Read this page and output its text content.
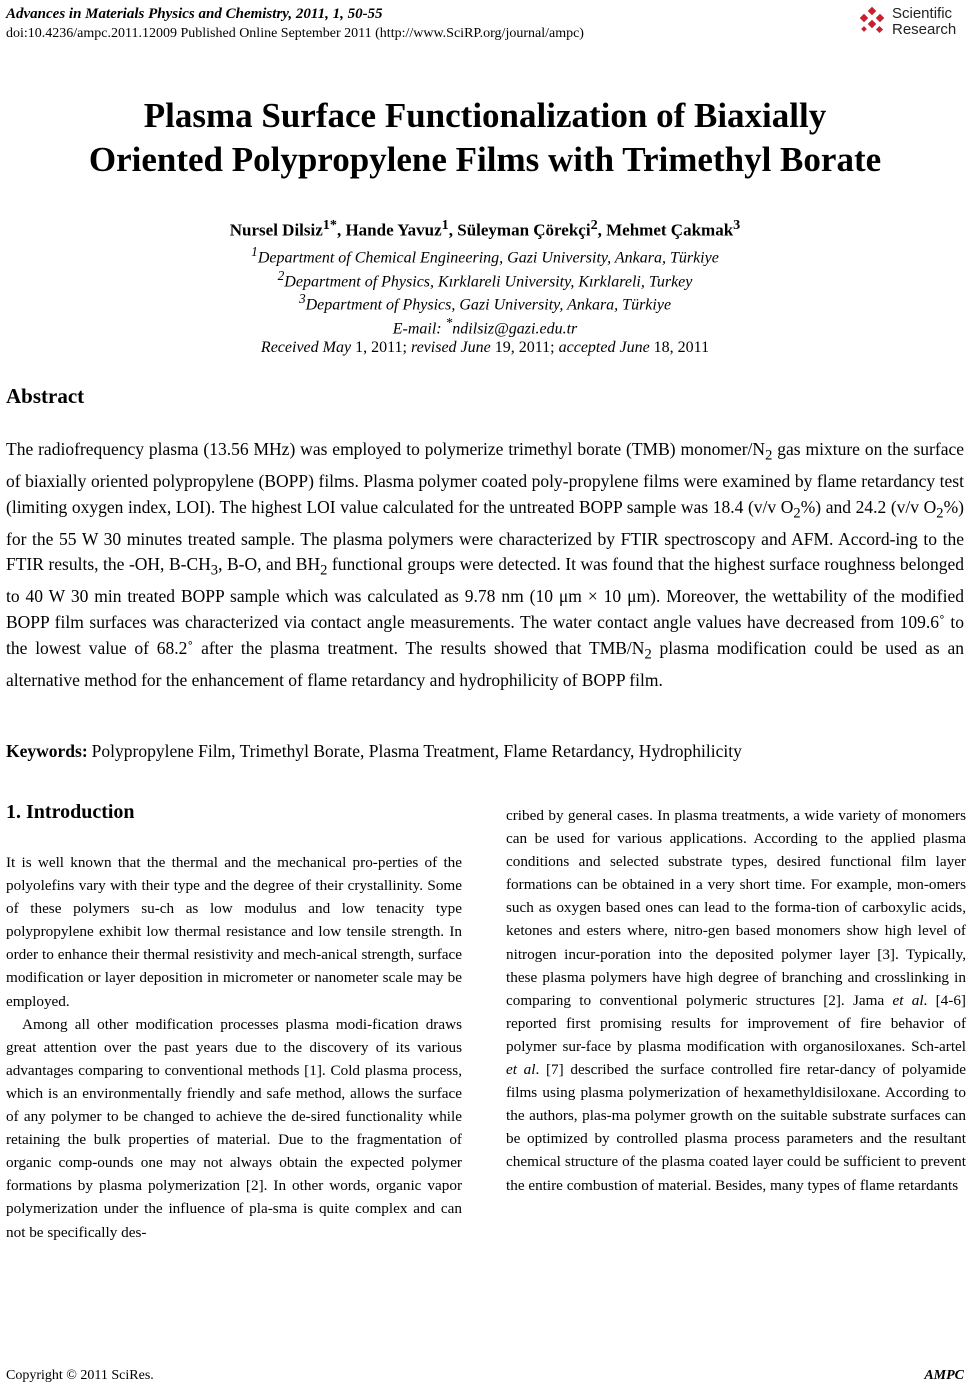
Advances in Materials Physics and Chemistry, 2011, 1, 50-55
doi:10.4236/ampc.2011.12009 Published Online September 2011 (http://www.SciRP.org/journal/ampc)
Scientific
Research
Plasma Surface Functionalization of Biaxially
Oriented Polypropylene Films with Trimethyl Borate
Nursel Dilsiz$^{1*}$, Hande Yavuz$^1$, Süleyman Çörekçi$^2$, Mehmet Çakmak$^3$
$^1$Department of Chemical Engineering, Gazi University, Ankara, Türkiye
$^2$Department of Physics, Kırklareli University, Kırklareli, Turkey
$^3$Department of Physics, Gazi University, Ankara, Türkiye
E-mail: *ndilsiz@gazi.edu.tr
Received May 1, 2011; revised June 19, 2011; accepted June 18, 2011
Abstract
The radiofrequency plasma (13.56 MHz) was employed to polymerize trimethyl borate (TMB) monomer/$N_2$ gas mixture on the surface of biaxially oriented polypropylene (BOPP) films. Plasma polymer coated poly-propylene films were examined by flame retardancy test (limiting oxygen index, LOI). The highest LOI value calculated for the untreated BOPP sample was 18.4 (v/v $O_2\%$) and 24.2 (v/v $O_2\%$) for the 55 W 30 minutes treated sample. The plasma polymers were characterized by FTIR spectroscopy and AFM. Accord-ing to the FTIR results, the -OH, $B-CH_3$, B-O, and $BH_2$ functional groups were detected. It was found that the highest surface roughness belonged to 40 W 30 min treated BOPP sample which was calculated as 9.78 nm (10 μm × 10 μm). Moreover, the wettability of the modified BOPP film surfaces was characterized via contact angle measurements. The water contact angle values have decreased from 109.6˚ to the lowest value of 68.2˚ after the plasma treatment. The results showed that TMB/$N_2$ plasma modification could be used as an alternative method for the enhancement of flame retardancy and hydrophilicity of BOPP film.
Keywords: Polypropylene Film, Trimethyl Borate, Plasma Treatment, Flame Retardancy, Hydrophilicity
1. Introduction

It is well known that the thermal and the mechanical pro-perties of the polyolefins vary with their type and the degree of their crystallinity. Some of these polymers su-ch as low modulus and low tenacity type polypropylene exhibit low thermal resistance and low tensile strength. In order to enhance their thermal resistivity and mech-anical strength, surface modification or layer deposition in micrometer or nanometer scale may be employed.

Among all other modification processes plasma modi-fication draws great attention over the past years due to the discovery of its various advantages comparing to conventional methods [1]. Cold plasma process, which is an environmentally friendly and safe method, allows the surface of any polymer to be changed to achieve the de-sired functionality while retaining the bulk properties of material. Due to the fragmentation of organic comp-ounds one may not always obtain the expected polymer formations by plasma polymerization [2]. In other words, organic vapor polymerization under the influence of pla-sma is quite complex and can not be specifically des-

cribed by general cases. In plasma treatments, a wide variety of monomers can be used for various applications. According to the applied plasma conditions and selected substrate types, desired functional film layer formations can be obtained in a very short time. For example, mon-omers such as oxygen based ones can lead to the forma-tion of carboxylic acids, ketones and esters where, nitro-gen based monomers show high level of nitrogen incur-poration into the deposited polymer layer [3]. Typically, these plasma polymers have high degree of branching and crosslinking in comparing to conventional polymeric structures [2]. Jama et al. [4-6] reported first promising results for improvement of fire behavior of polymer sur-face by plasma modification with organosiloxanes. Sch-artel et al. [7] described the surface controlled fire retar-dancy of polyamide films using plasma polymerization of hexamethyldisiloxane. According to the authors, plas-ma polymer growth on the suitable substrate surfaces can be optimized by controlled plasma process parameters and the resultant chemical structure of the plasma coated layer could be sufficient to prevent the entire combustion of material. Besides, many types of flame retardants

Copyright © 2011 SciRes.	AMPC
